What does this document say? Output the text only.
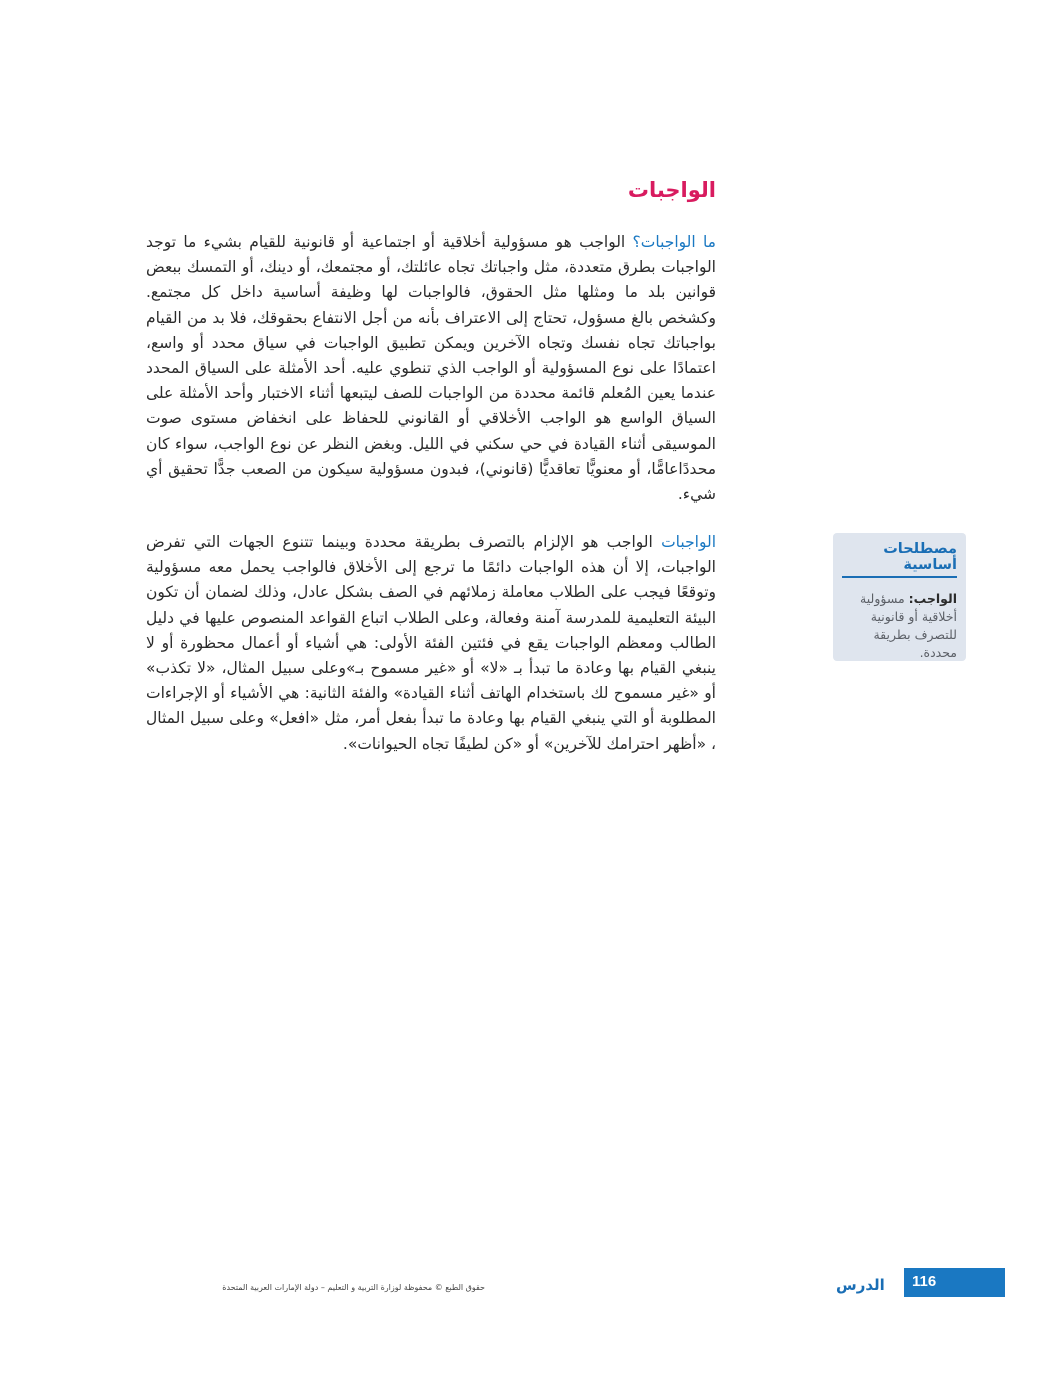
الواجبات

ما الواجبات؟ الواجب هو مسؤولية أخلاقية أو اجتماعية أو قانونية للقيام بشيء ما توجد الواجبات بطرق متعددة، مثل واجباتك تجاه عائلتك، أو مجتمعك، أو دينك، أو التمسك ببعض قوانين بلد ما ومثلها مثل الحقوق، فالواجبات لها وظيفة أساسية داخل كل مجتمع. وكشخص بالغ مسؤول، تحتاج إلى الاعتراف بأنه من أجل الانتفاع بحقوقك، فلا بد من القيام بواجباتك تجاه نفسك وتجاه الآخرين ويمكن تطبيق الواجبات في سياق محدد أو واسع، اعتمادًا على نوع المسؤولية أو الواجب الذي تنطوي عليه. أحد الأمثلة على السياق المحدد عندما يعين المُعلم قائمة محددة من الواجبات للصف ليتبعها أثناء الاختبار وأحد الأمثلة على السياق الواسع هو الواجب الأخلاقي أو القانوني للحفاظ على انخفاض مستوى صوت الموسيقى أثناء القيادة في حي سكني في الليل. وبغض النظر عن نوع الواجب، سواء كان محددًاعامًّا، أو معنويًّا تعاقديًّا (قانوني)، فبدون مسؤولية سيكون من الصعب جدًّا تحقيق أي شيء.

الواجبات الواجب هو الإلزام بالتصرف بطريقة محددة وبينما تتنوع الجهات التي تفرض الواجبات، إلا أن هذه الواجبات دائمًا ما ترجع إلى الأخلاق فالواجب يحمل معه مسؤولية وتوقعًا فيجب على الطلاب معاملة زملائهم في الصف بشكل عادل، وذلك لضمان أن تكون البيئة التعليمية للمدرسة آمنة وفعالة، وعلى الطلاب اتباع القواعد المنصوص عليها في دليل الطالب ومعظم الواجبات يقع في فئتين الفئة الأولى: هي أشياء أو أعمال محظورة أو لا ينبغي القيام بها وعادة ما تبدأ بـ «لا» أو «غير مسموح بـ»وعلى سبيل المثال، «لا تكذب» أو «غير مسموح لك باستخدام الهاتف أثناء القيادة» والفئة الثانية: هي الأشياء أو الإجراءات المطلوبة أو التي ينبغي القيام بها وعادة ما تبدأ بفعل أمر، مثل «افعل» وعلى سبيل المثال ، «أظهر احترامك للآخرين» أو «كن لطيفًا تجاه الحيوانات».

مصطلحات أساسية
الواجب: مسؤولية أخلاقية أو قانونية للتصرف بطريقة محددة.
حقوق الطبع © محفوظة لوزارة التربية و التعليم – دولة الإمارات العربية المتحدة	الدرس 116
